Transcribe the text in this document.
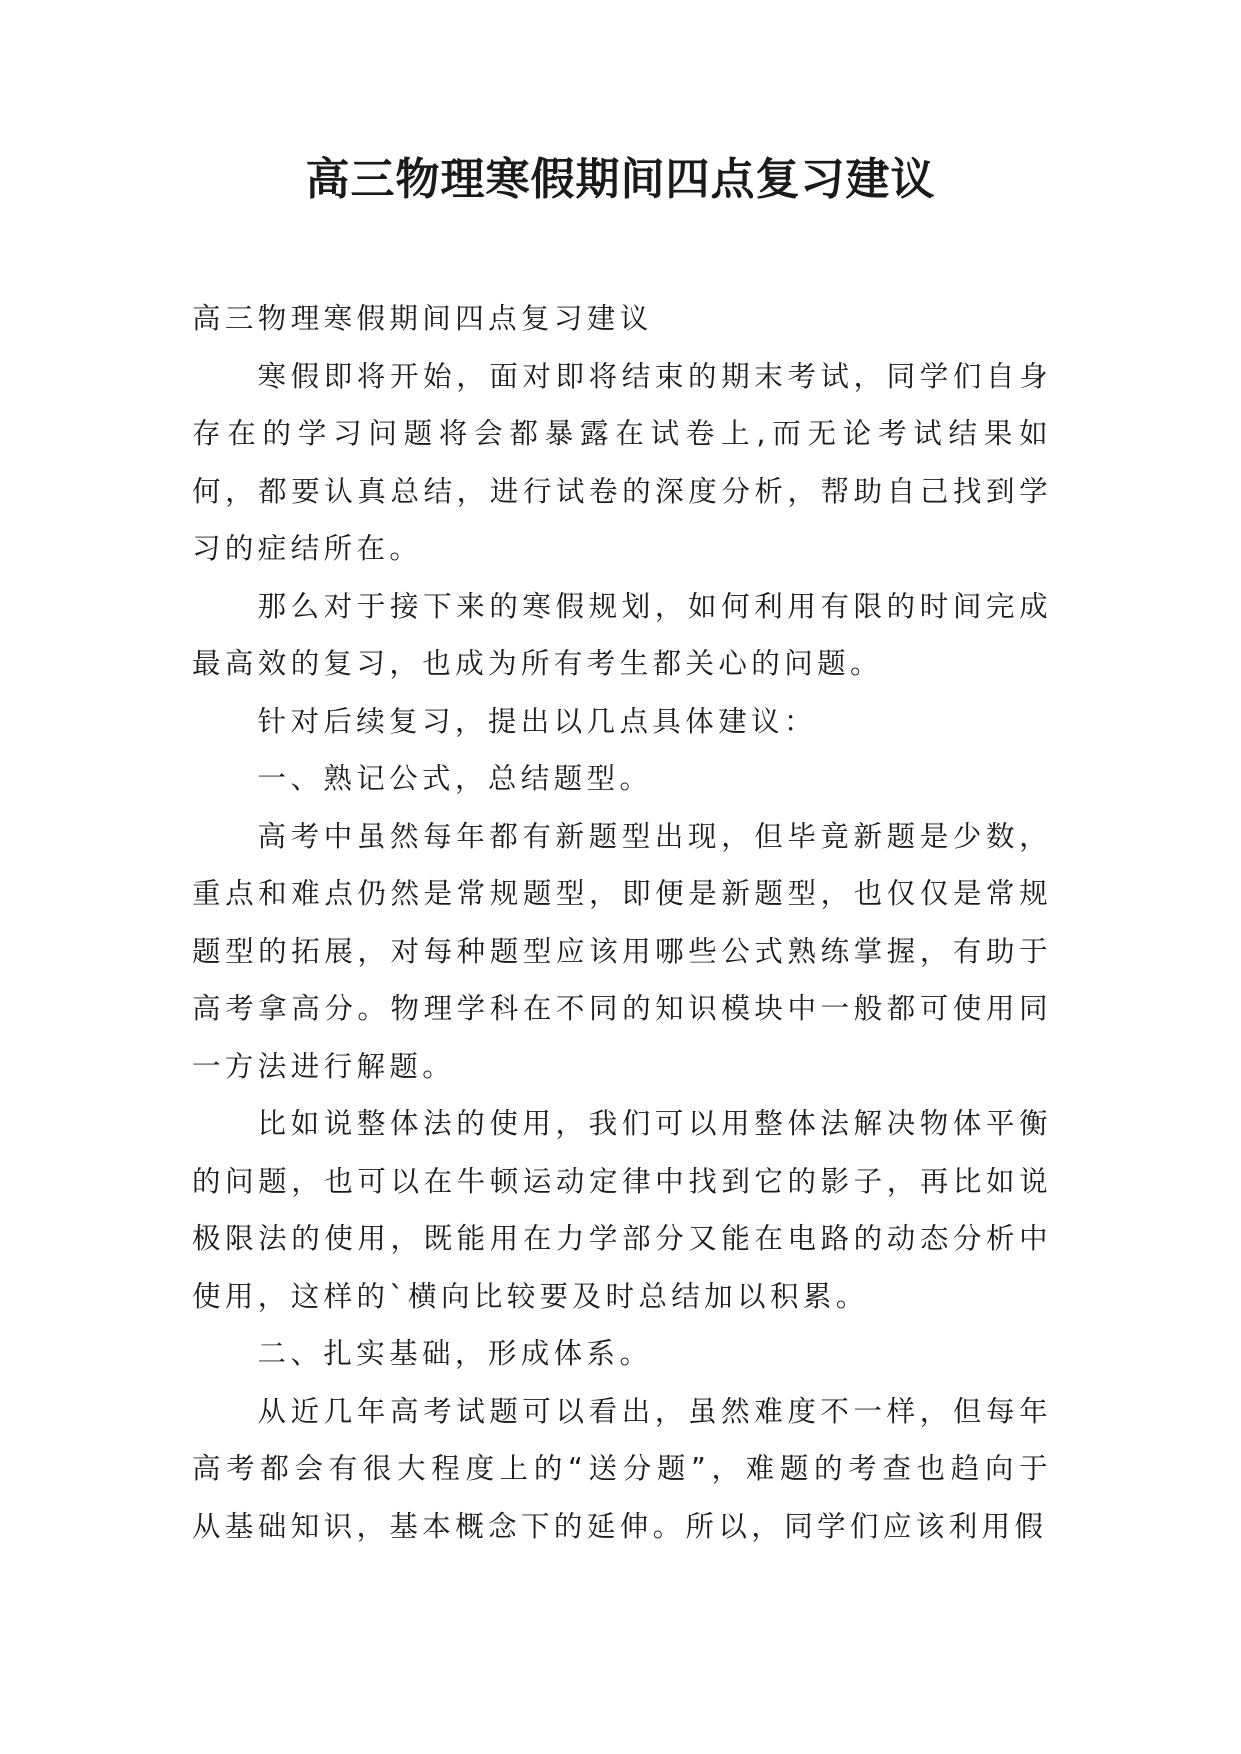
高三物理寒假期间四点复习建议

高三物理寒假期间四点复习建议

寒假即将开始，面对即将结束的期末考试，同学们自身存在的学习问题将会都暴露在试卷上,而无论考试结果如何，都要认真总结，进行试卷的深度分析，帮助自己找到学习的症结所在。

那么对于接下来的寒假规划，如何利用有限的时间完成最高效的复习，也成为所有考生都关心的问题。

针对后续复习，提出以几点具体建议：

一、熟记公式，总结题型。

高考中虽然每年都有新题型出现，但毕竟新题是少数，重点和难点仍然是常规题型，即便是新题型，也仅仅是常规题型的拓展，对每种题型应该用哪些公式熟练掌握，有助于高考拿高分。物理学科在不同的知识模块中一般都可使用同一方法进行解题。

比如说整体法的使用，我们可以用整体法解决物体平衡的问题，也可以在牛顿运动定律中找到它的影子，再比如说极限法的使用，既能用在力学部分又能在电路的动态分析中使用，这样的`横向比较要及时总结加以积累。

二、扎实基础，形成体系。

从近几年高考试题可以看出，虽然难度不一样，但每年高考都会有很大程度上的“送分题”，难题的考查也趋向于从基础知识，基本概念下的延伸。所以，同学们应该利用假
